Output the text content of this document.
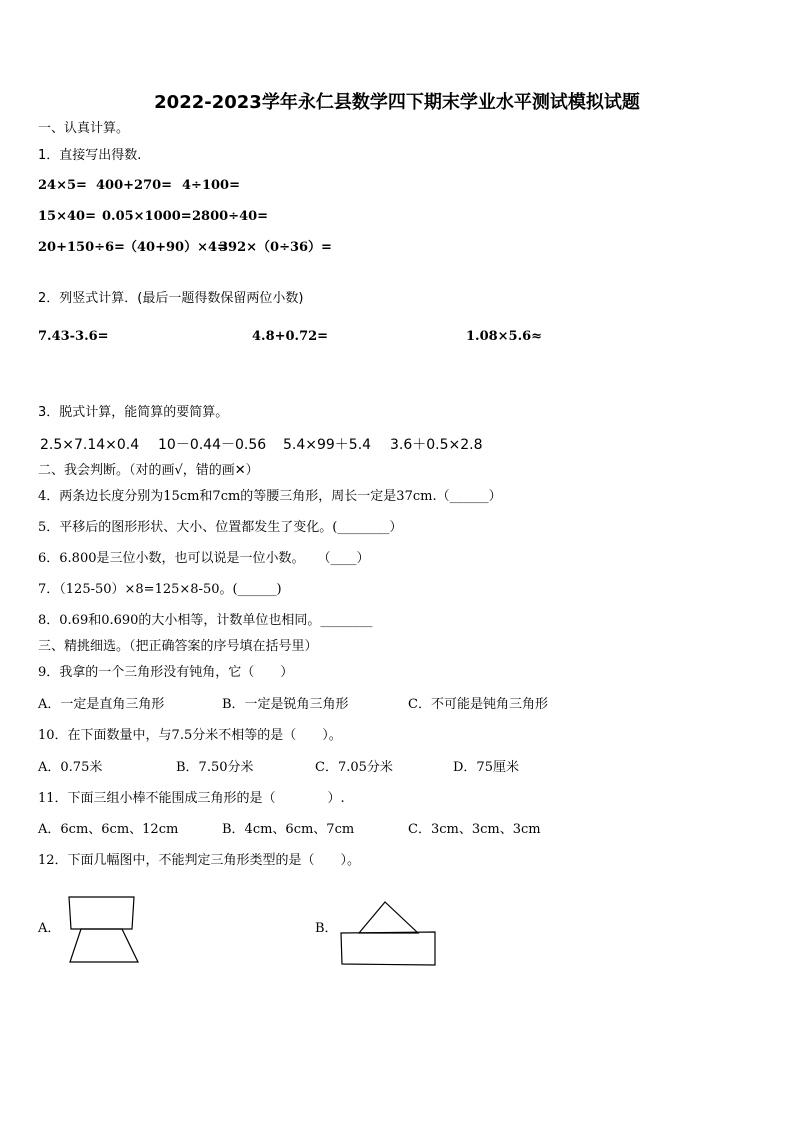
2022-2023学年永仁县数学四下期末学业水平测试模拟试题
一、认真计算。
1．直接写出得数.
24×5= 400+270= 4÷100=
15×40= 0.05×1000= 2800÷40=
20+150÷6= （40+90）×4=
392×（0÷36）=
2．列竖式计算．(最后一题得数保留两位小数)
7.43-3.6=	4.8+0.72=	1.08×5.6≈
3．脱式计算，能简算的要简算。
2.5×7.14×0.4 10－0.44－0.56 5.4×99＋5.4 3.6＋0.5×2.8
二、我会判断。（对的画√，错的画✕）
4．两条边长度分别为15cm和7cm的等腰三角形，周长一定是37cm.（______）
5．平移后的图形形状、大小、位置都发生了变化。(________）
6．6.800是三位小数，也可以说是一位小数。　　（____）
7．（125-50）×8=125×8-50。(______)
8．0.69和0.690的大小相等，计数单位也相同。________
三、精挑细选。（把正确答案的序号填在括号里）
9．我拿的一个三角形没有钝角，它（　　）
A．一定是直角三角形	B．一定是锐角三角形	C．不可能是钝角三角形
10．在下面数量中，与7.5分米不相等的是（　　）。
A．0.75米	B．7.50分米	C．7.05分米	D．75厘米
11．下面三组小棒不能围成三角形的是（　　　　）.
A．6cm、6cm、12cm	B．4cm、6cm、7cm	C．3cm、3cm、3cm
12．下面几幅图中，不能判定三角形类型的是（　　）。
A．	B．
